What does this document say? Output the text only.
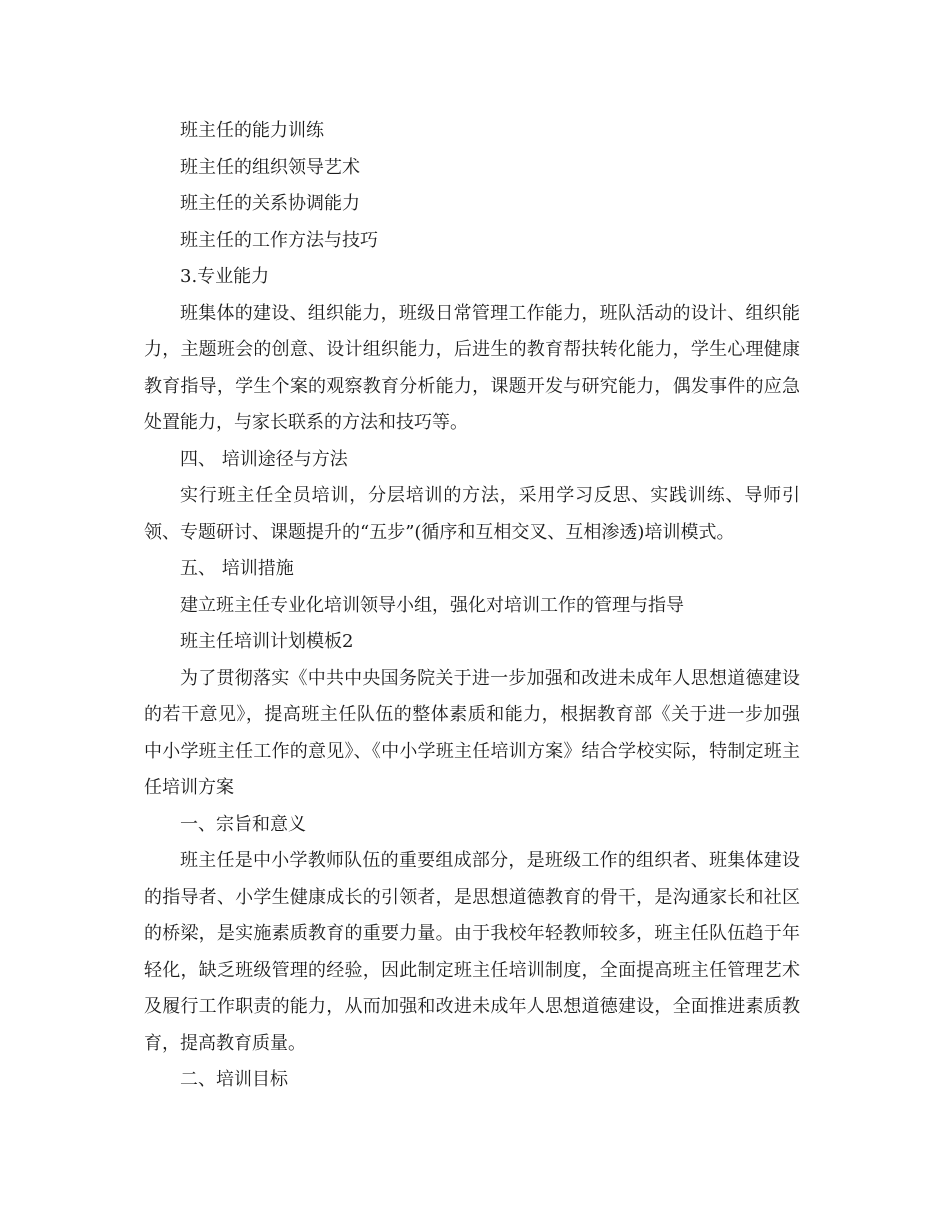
班主任的能力训练

班主任的组织领导艺术

班主任的关系协调能力

班主任的工作方法与技巧

3.专业能力

班集体的建设、组织能力，班级日常管理工作能力，班队活动的设计、组织能力，主题班会的创意、设计组织能力，后进生的教育帮扶转化能力，学生心理健康教育指导，学生个案的观察教育分析能力，课题开发与研究能力，偶发事件的应急处置能力，与家长联系的方法和技巧等。

四、 培训途径与方法

实行班主任全员培训，分层培训的方法，采用学习反思、实践训练、导师引领、专题研讨、课题提升的“五步”(循序和互相交叉、互相渗透)培训模式。

五、 培训措施

建立班主任专业化培训领导小组，强化对培训工作的管理与指导

班主任培训计划模板2

为了贯彻落实《中共中央国务院关于进一步加强和改进未成年人思想道德建设的若干意见》，提高班主任队伍的整体素质和能力，根据教育部《关于进一步加强中小学班主任工作的意见》、《中小学班主任培训方案》结合学校实际，特制定班主任培训方案

一、宗旨和意义

班主任是中小学教师队伍的重要组成部分，是班级工作的组织者、班集体建设的指导者、小学生健康成长的引领者，是思想道德教育的骨干，是沟通家长和社区的桥梁，是实施素质教育的重要力量。由于我校年轻教师较多，班主任队伍趋于年轻化，缺乏班级管理的经验，因此制定班主任培训制度，全面提高班主任管理艺术及履行工作职责的能力，从而加强和改进未成年人思想道德建设，全面推进素质教育，提高教育质量。

二、培训目标
